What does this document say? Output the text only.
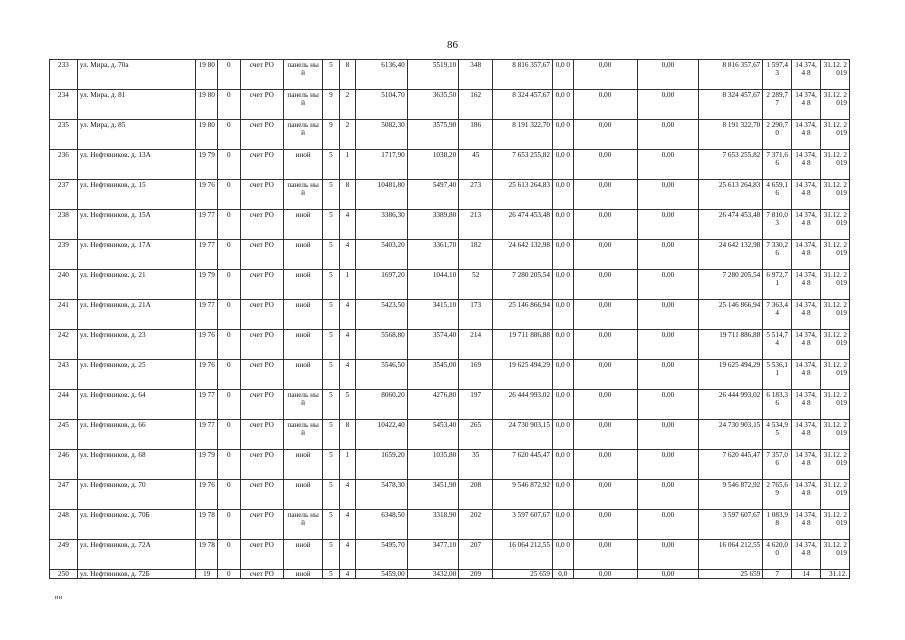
86
233	ул. Мира, д. 70а	19 80	0	счет РО	панель ный	5	8	6136,40	5519,10	348	8 816 357,67	0,0 0	0,00	0,00	8 816 357,67	1 597,4 3	14 374,4 8	31.12. 2019
234	ул. Мира, д. 81	19 80	0	счет РО	панель ный	9	2	5104,70	3635,50	162	8 324 457,67	0,0 0	0,00	0,00	8 324 457,67	2 289,7 7	14 374,4 8	31.12. 2019
235	ул. Мира, д. 85	19 80	0	счет РО	панель ный	9	2	5082,30	3575,90	186	8 191 322,70	0,0 0	0,00	0,00	8 191 322,70	2 290,7 0	14 374,4 8	31.12. 2019
236	ул. Нефтяников, д. 13А	19 79	0	счет РО	иной	5	1	1717,90	1038,20	45	7 653 255,82	0,0 0	0,00	0,00	7 653 255,82	7 371,6 6	14 374,4 8	31.12. 2019
237	ул. Нефтяников, д. 15	19 76	0	счет РО	панель ный	5	8	10481,80	5497,40	273	25 613 264,83	0,0 0	0,00	0,00	25 613 264,83	4 659,1 6	14 374,4 8	31.12. 2019
238	ул. Нефтяников, д. 15А	19 77	0	счет РО	иной	5	4	3386,30	3389,80	213	26 474 453,48	0,0 0	0,00	0,00	26 474 453,48	7 810,0 3	14 374,4 8	31.12. 2019
239	ул. Нефтяников, д. 17А	19 77	0	счет РО	иной	5	4	5403,20	3361,70	182	24 642 132,98	0,0 0	0,00	0,00	24 642 132,98	7 330,2 6	14 374,4 8	31.12. 2019
240	ул. Нефтяников, д. 21	19 79	0	счет РО	иной	5	1	1697,20	1044,10	52	7 280 205,54	0,0 0	0,00	0,00	7 280 205,54	6 972,7 1	14 374,4 8	31.12. 2019
241	ул. Нефтяников, д. 21А	19 77	0	счет РО	иной	5	4	5423,50	3415,10	173	25 146 866,94	0,0 0	0,00	0,00	25 146 866,94	7 363,4 4	14 374,4 8	31.12. 2019
242	ул. Нефтяников, д. 23	19 76	0	счет РО	иной	5	4	5568,80	3574,40	214	19 711 886,88	0,0 0	0,00	0,00	19 711 886,88	5 514,7 4	14 374,4 8	31.12. 2019
243	ул. Нефтяников, д. 25	19 76	0	счет РО	иной	5	4	5546,50	3545,00	169	19 625 494,29	0,0 0	0,00	0,00	19 625 494,29	5 536,1 1	14 374,4 8	31.12. 2019
244	ул. Нефтяников, д. 64	19 77	0	счет РО	панель ный	5	5	8060,20	4276,80	197	26 444 993,02	0,0 0	0,00	0,00	26 444 993,02	6 183,3 6	14 374,4 8	31.12. 2019
245	ул. Нефтяников, д. 66	19 77	0	счет РО	панель ный	5	8	10422,40	5453,40	265	24 730 903,15	0,0 0	0,00	0,00	24 730 903,15	4 534,9 5	14 374,4 8	31.12. 2019
246	ул. Нефтяников, д. 68	19 79	0	счет РО	иной	5	1	1659,20	1035,80	35	7 620 445,47	0,0 0	0,00	0,00	7 620 445,47	7 357,0 6	14 374,4 8	31.12. 2019
247	ул. Нефтяников, д. 70	19 76	0	счет РО	иной	5	4	5478,30	3451,90	208	9 546 872,92	0,0 0	0,00	0,00	9 546 872,92	2 765,6 9	14 374,4 8	31.12. 2019
248	ул. Нефтяников, д. 70Б	19 78	0	счет РО	панель ный	5	4	6348,50	3318,90	202	3 597 607,67	0,0 0	0,00	0,00	3 597 607,67	1 083,9 8	14 374,4 8	31.12. 2019
249	ул. Нефтяников, д. 72А	19 78	0	счет РО	иной	5	4	5495,70	3477,10	207	16 064 212,55	0,0 0	0,00	0,00	16 064 212,55	4 620,0 0	14 374,4 8	31.12. 2019
250	ул. Нефтяников, д. 72Б	19	0	счет РО	иной	5	4	5459,00	3432,00	209	25 659	0,0	0,00	0,00	25 659	7	14	31.12.
нн
